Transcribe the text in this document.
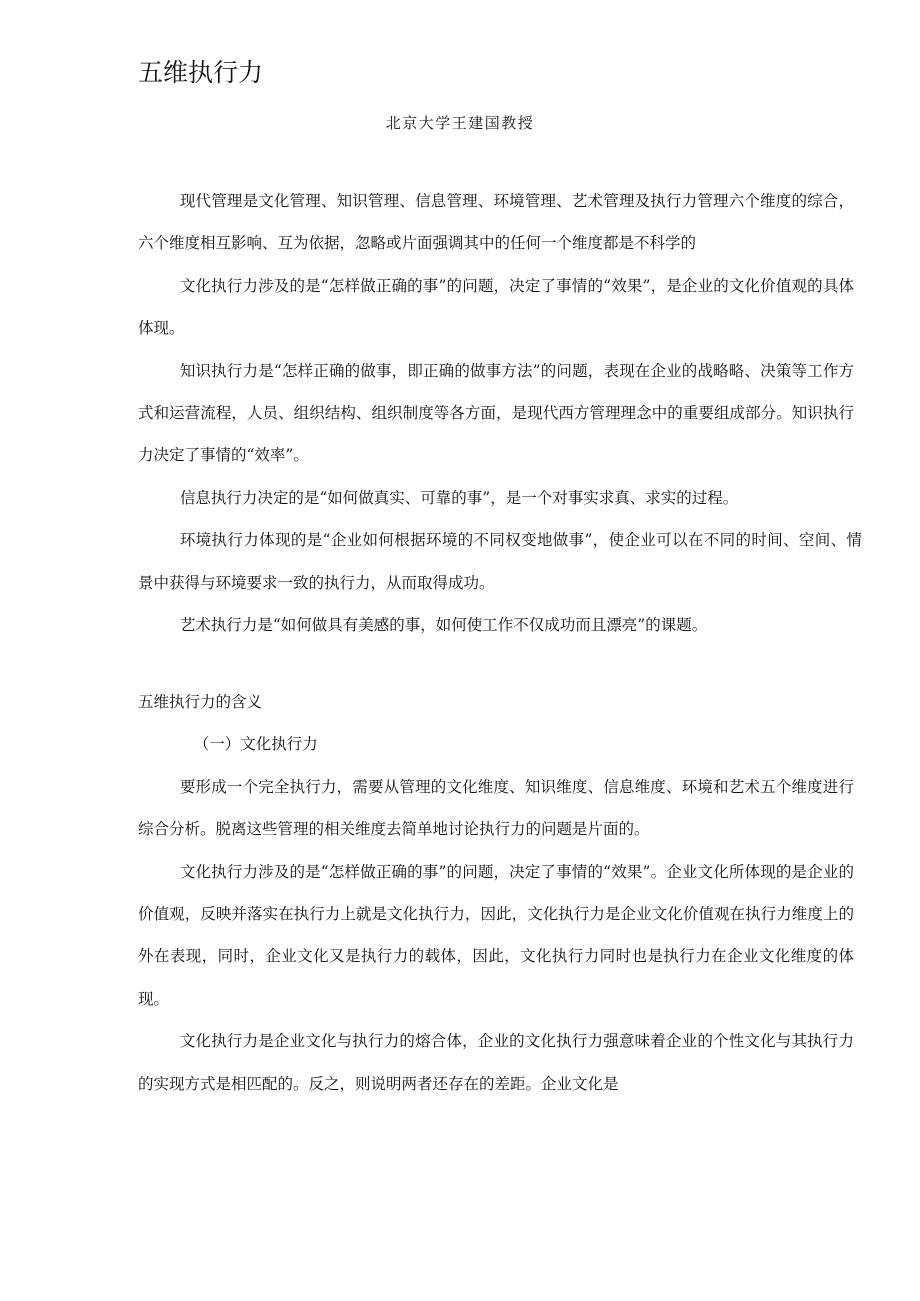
五维执行力

北京大学王建国教授

现代管理是文化管理、知识管理、信息管理、环境管理、艺术管理及执行力管理六个维度的综合，六个维度相互影响、互为依据，忽略或片面强调其中的任何一个维度都是不科学的

文化执行力涉及的是“怎样做正确的事”的问题，决定了事情的“效果”，是企业的文化价值观的具体体现。

知识执行力是“怎样正确的做事，即正确的做事方法”的问题，表现在企业的战略略、决策等工作方式和运营流程，人员、组织结构、组织制度等各方面，是现代西方管理理念中的重要组成部分。知识执行力决定了事情的“效率”。

信息执行力决定的是“如何做真实、可靠的事”，是一个对事实求真、求实的过程。

环境执行力体现的是“企业如何根据环境的不同权变地做事”，使企业可以在不同的时间、空间、情景中获得与环境要求一致的执行力，从而取得成功。

艺术执行力是“如何做具有美感的事，如何使工作不仅成功而且漂亮”的课题。

五维执行力的含义

（一）文化执行力

要形成一个完全执行力，需要从管理的文化维度、知识维度、信息维度、环境和艺术五个维度进行综合分析。脱离这些管理的相关维度去简单地讨论执行力的问题是片面的。

文化执行力涉及的是“怎样做正确的事”的问题，决定了事情的“效果”。企业文化所体现的是企业的价值观，反映并落实在执行力上就是文化执行力，因此，文化执行力是企业文化价值观在执行力维度上的外在表现，同时，企业文化又是执行力的载体，因此，文化执行力同时也是执行力在企业文化维度的体现。

文化执行力是企业文化与执行力的熔合体，企业的文化执行力强意味着企业的个性文化与其执行力的实现方式是相匹配的。反之，则说明两者还存在的差距。企业文化是
